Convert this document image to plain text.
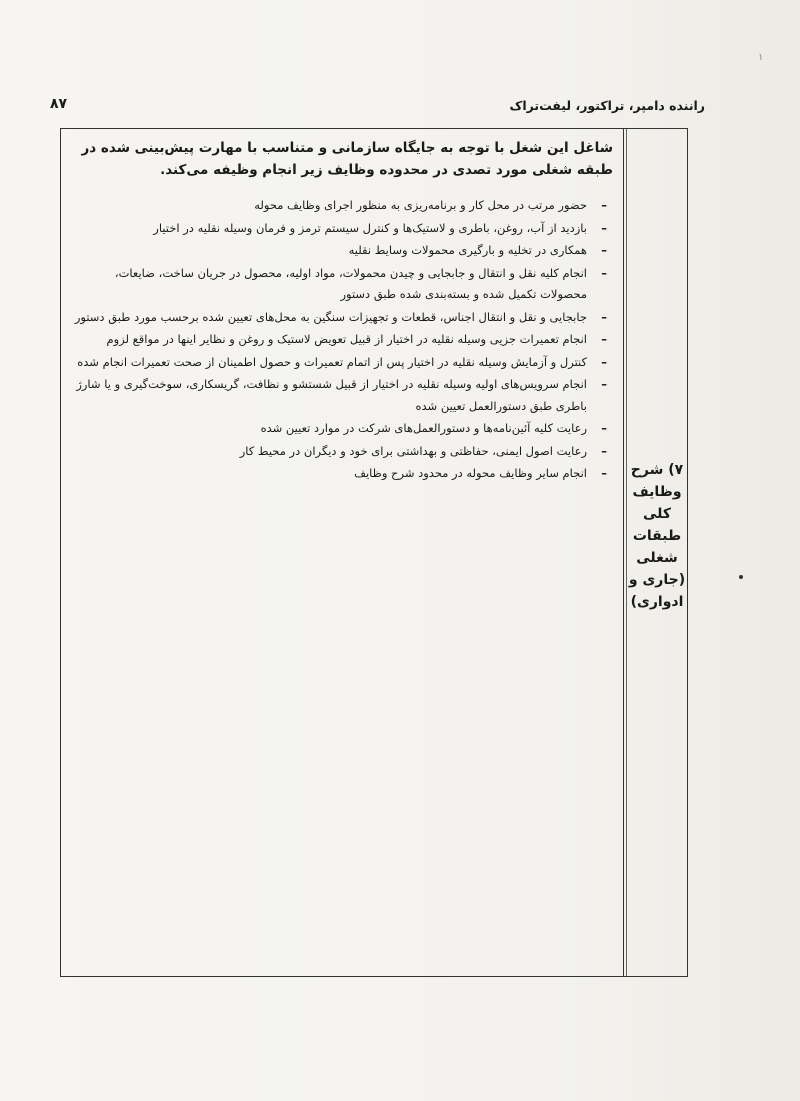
راننده دامپر، تراکتور، لیفت‌تراک
۸۷
۷) شرح
وظایف
کلی
طبقات
شغلی
(جاری و
ادواری)
شاغل این شغل با توجه به جایگاه سازمانی و متناسب با مهارت پیش‌بینی شده در طبقه شغلی مورد تصدی در محدوده وظایف زیر انجام وظیفه می‌کند.
– حضور مرتب در محل کار و برنامه‌ریزی به منظور اجرای وظایف محوله
– بازدید از آب، روغن، باطری و لاستیک‌ها و کنترل سیستم ترمز و فرمان وسیله نقلیه در اختیار
– همکاری در تخلیه و بارگیری محمولات وسایط نقلیه
– انجام کلیه نقل و انتقال و جابجایی و چیدن محمولات، مواد اولیه، محصول در جریان ساخت، ضایعات، محصولات تکمیل شده و بسته‌بندی شده طبق دستور
– جابجایی و نقل و انتقال اجناس، قطعات و تجهیزات سنگین به محل‌های تعیین شده برحسب مورد طبق دستور
– انجام تعمیرات جزیی وسیله نقلیه در اختیار از قبیل تعویض لاستیک و روغن و نظایر اینها در مواقع لزوم
– کنترل و آزمایش وسیله نقلیه در اختیار پس از اتمام تعمیرات و حصول اطمینان از صحت تعمیرات انجام شده
– انجام سرویس‌های اولیه وسیله نقلیه در اختیار از قبیل شستشو و نظافت، گریسکاری، سوخت‌گیری و یا شارژ باطری طبق دستورالعمل تعیین شده
– رعایت کلیه آئین‌نامه‌ها و دستورالعمل‌های شرکت در موارد تعیین شده
– رعایت اصول ایمنی، حفاظتی و بهداشتی برای خود و دیگران در محیط کار
– انجام سایر وظایف محوله در محدود شرح وظایف
۱
